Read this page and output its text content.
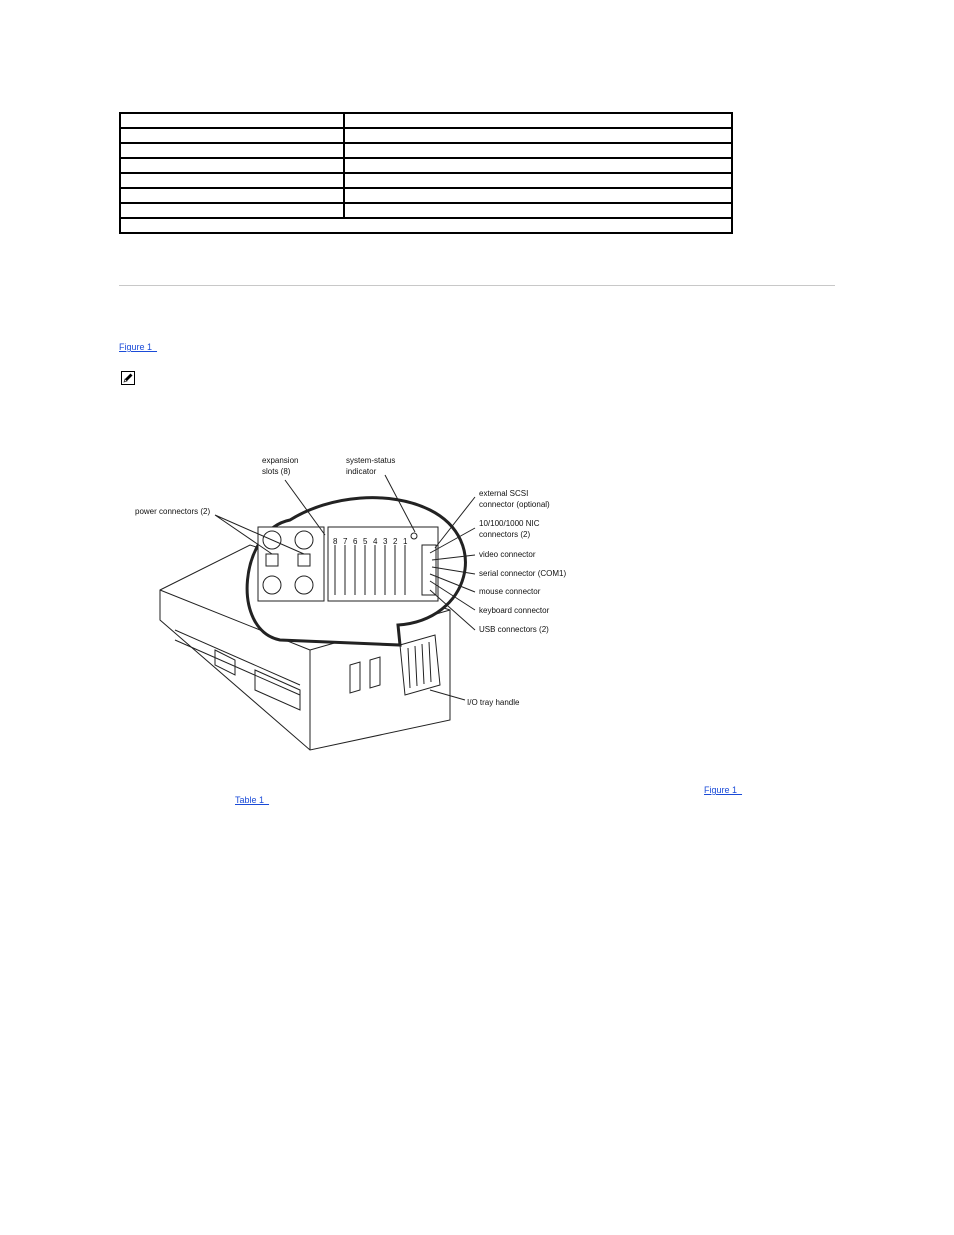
Figure 1
8 7 6 5 4 3 2 1
expansion
slots (8)
system-status
indicator
power connectors (2)
external SCSI
connector (optional)
10/100/1000 NIC
connectors (2)
video connector
serial connector (COM1)
mouse connector
keyboard connector
USB connectors (2)
I/O tray handle
Figure 1
Table 1
